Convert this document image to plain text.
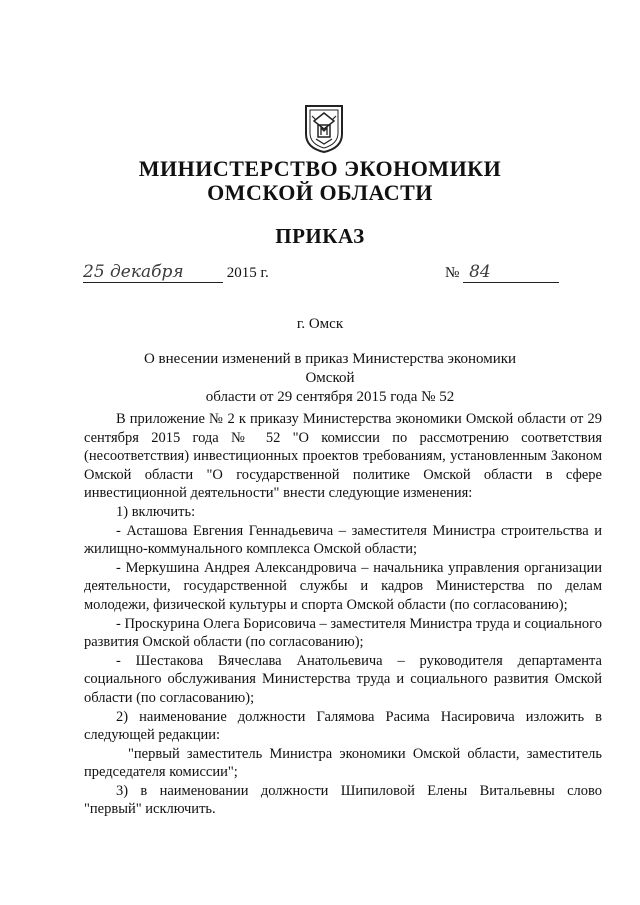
МИНИСТЕРСТВО ЭКОНОМИКИ
ОМСКОЙ ОБЛАСТИ
ПРИКАЗ
25 декабря	2015 г.	№ 84
г. Омск
О внесении изменений в приказ Министерства экономики Омской
области от 29 сентября 2015 года № 52

В приложение № 2 к приказу Министерства экономики Омской области от 29 сентября 2015 года № 52 "О комиссии по рассмотрению соответствия (несоответствия) инвестиционных проектов требованиям, установленным Законом Омской области "О государственной политике Омской области в сфере инвестиционной деятельности" внести следующие изменения:

1) включить:

- Асташова Евгения Геннадьевича – заместителя Министра строительства и жилищно-коммунального комплекса Омской области;

- Меркушина Андрея Александровича – начальника управления организации деятельности, государственной службы и кадров Министерства по делам молодежи, физической культуры и спорта Омской области (по согласованию);

- Проскурина Олега Борисовича – заместителя Министра труда и социального развития Омской области (по согласованию);

- Шестакова Вячеслава Анатольевича – руководителя департамента социального обслуживания Министерства труда и социального развития Омской области (по согласованию);

2) наименование должности Галямова Расима Насировича изложить в следующей редакции:

"первый заместитель Министра экономики Омской области, заместитель председателя комиссии";

3) в наименовании должности Шипиловой Елены Витальевны слово "первый" исключить.
